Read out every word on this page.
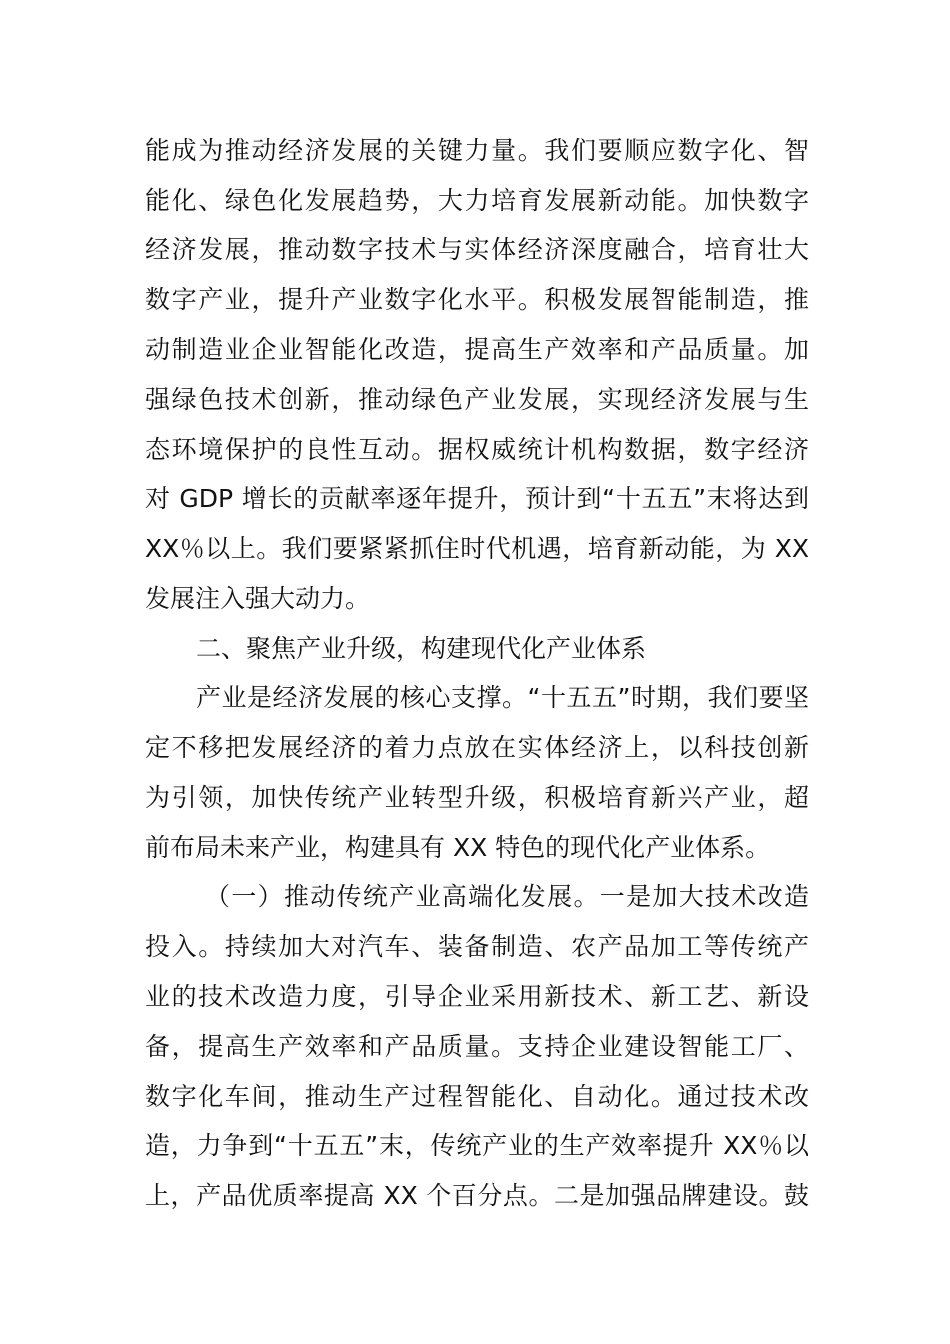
能成为推动经济发展的关键力量。我们要顺应数字化、智
能化、绿色化发展趋势，大力培育发展新动能。加快数字
经济发展，推动数字技术与实体经济深度融合，培育壮大
数字产业，提升产业数字化水平。积极发展智能制造，推
动制造业企业智能化改造，提高生产效率和产品质量。加
强绿色技术创新，推动绿色产业发展，实现经济发展与生
态环境保护的良性互动。据权威统计机构数据，数字经济
对 GDP 增长的贡献率逐年提升，预计到“十五五”末将达到
XX％以上。我们要紧紧抓住时代机遇，培育新动能，为 XX
发展注入强大动力。
二、聚焦产业升级，构建现代化产业体系
产业是经济发展的核心支撑。“十五五”时期，我们要坚
定不移把发展经济的着力点放在实体经济上，以科技创新
为引领，加快传统产业转型升级，积极培育新兴产业，超
前布局未来产业，构建具有 XX 特色的现代化产业体系。
（一）推动传统产业高端化发展。一是加大技术改造
投入。持续加大对汽车、装备制造、农产品加工等传统产
业的技术改造力度，引导企业采用新技术、新工艺、新设
备，提高生产效率和产品质量。支持企业建设智能工厂、
数字化车间，推动生产过程智能化、自动化。通过技术改
造，力争到“十五五”末，传统产业的生产效率提升 XX％以
上，产品优质率提高 XX 个百分点。二是加强品牌建设。鼓
